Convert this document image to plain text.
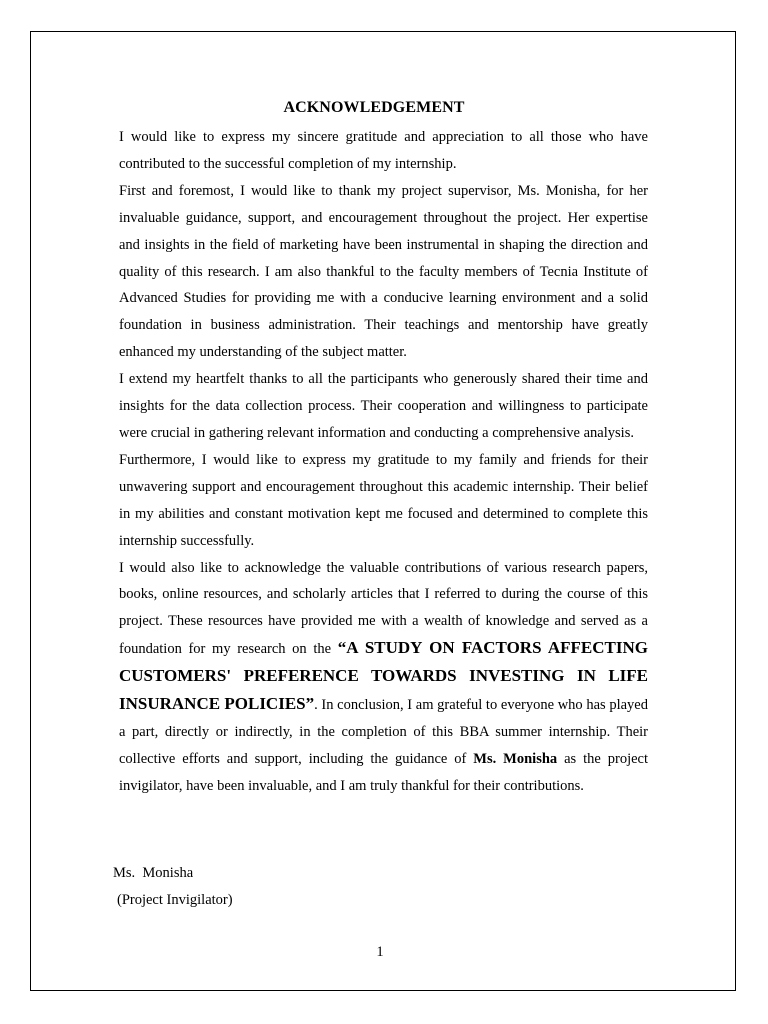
ACKNOWLEDGEMENT

I would like to express my sincere gratitude and appreciation to all those who have contributed to the successful completion of my internship.

First and foremost, I would like to thank my project supervisor, Ms. Monisha, for her invaluable guidance, support, and encouragement throughout the project. Her expertise and insights in the field of marketing have been instrumental in shaping the direction and quality of this research. I am also thankful to the faculty members of Tecnia Institute of Advanced Studies for providing me with a conducive learning environment and a solid foundation in business administration. Their teachings and mentorship have greatly enhanced my understanding of the subject matter.

I extend my heartfelt thanks to all the participants who generously shared their time and insights for the data collection process. Their cooperation and willingness to participate were crucial in gathering relevant information and conducting a comprehensive analysis.

Furthermore, I would like to express my gratitude to my family and friends for their unwavering support and encouragement throughout this academic internship. Their belief in my abilities and constant motivation kept me focused and determined to complete this internship successfully.

I would also like to acknowledge the valuable contributions of various research papers, books, online resources, and scholarly articles that I referred to during the course of this project. These resources have provided me with a wealth of knowledge and served as a foundation for my research on the “A STUDY ON FACTORS AFFECTING CUSTOMERS' PREFERENCE TOWARDS INVESTING IN LIFE INSURANCE POLICIES”. In conclusion, I am grateful to everyone who has played a part, directly or indirectly, in the completion of this BBA summer internship. Their collective efforts and support, including the guidance of Ms. Monisha as the project invigilator, have been invaluable, and I am truly thankful for their contributions.

Ms.  Monisha
(Project Invigilator)
1
